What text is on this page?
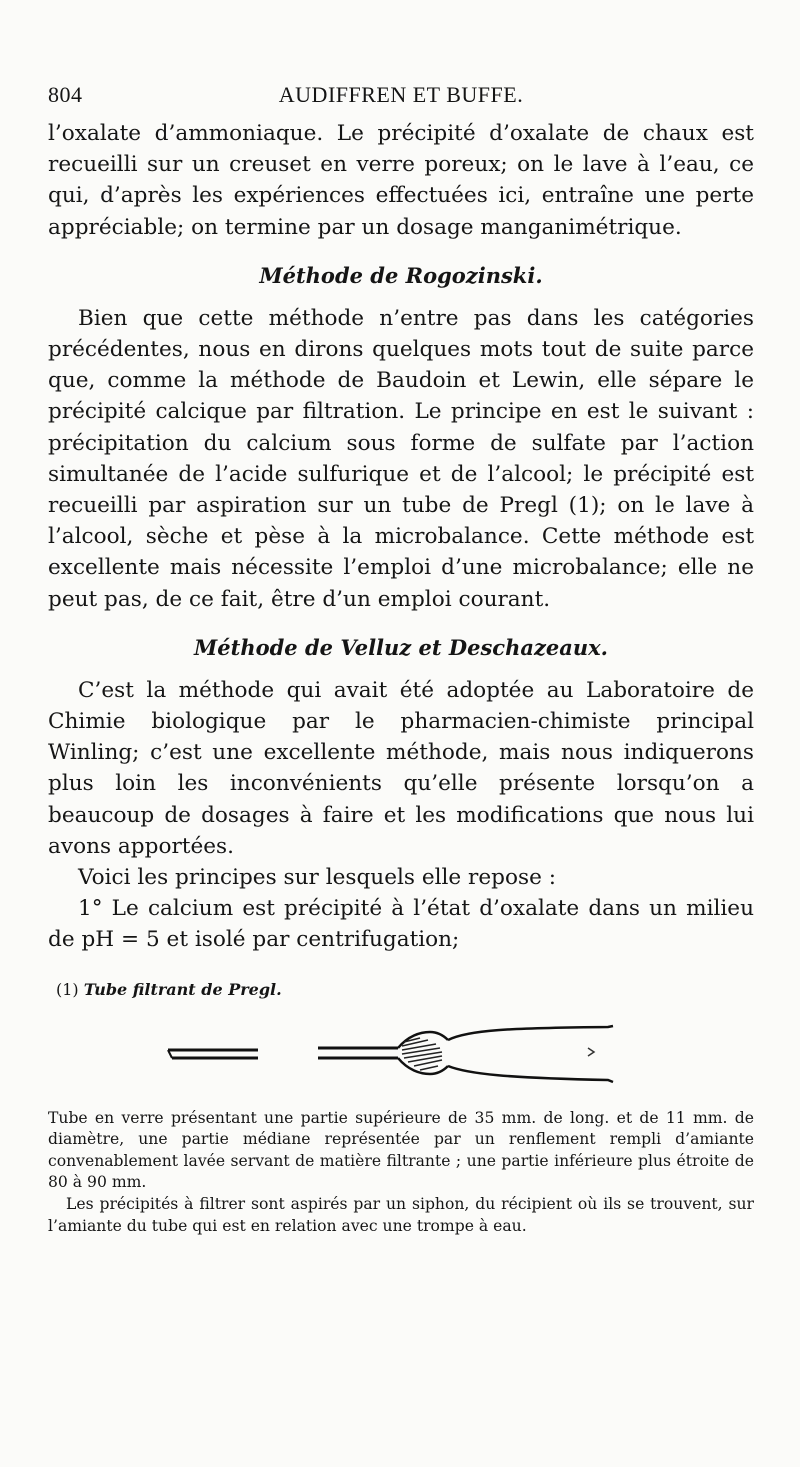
804	AUDIFFREN ET BUFFE.

l’oxalate d’ammoniaque. Le précipité d’oxalate de chaux est recueilli sur un creuset en verre poreux; on le lave à l’eau, ce qui, d’après les expériences effectuées ici, entraîne une perte appréciable; on termine par un dosage manganimétrique.

Méthode de Rogozinski.

Bien que cette méthode n’entre pas dans les catégories précédentes, nous en dirons quelques mots tout de suite parce que, comme la méthode de Baudoin et Lewin, elle sépare le précipité calcique par filtration. Le principe en est le suivant : précipitation du calcium sous forme de sulfate par l’action simultanée de l’acide sulfurique et de l’alcool; le précipité est recueilli par aspiration sur un tube de Pregl (1); on le lave à l’alcool, sèche et pèse à la microbalance. Cette méthode est excellente mais nécessite l’emploi d’une microbalance; elle ne peut pas, de ce fait, être d’un emploi courant.

Méthode de Velluz et Deschazeaux.

C’est la méthode qui avait été adoptée au Laboratoire de Chimie biologique par le pharmacien-chimiste principal Winling; c’est une excellente méthode, mais nous indiquerons plus loin les inconvénients qu’elle présente lorsqu’on a beaucoup de dosages à faire et les modifications que nous lui avons apportées.

Voici les principes sur lesquels elle repose :

1° Le calcium est précipité à l’état d’oxalate dans un milieu de pH = 5 et isolé par centrifugation;

(1) Tube filtrant de Pregl.

Tube en verre présentant une partie supérieure de 35 mm. de long. et de 11 mm. de diamètre, une partie médiane représentée par un renflement rempli d’amiante convenablement lavée servant de matière filtrante ; une partie inférieure plus étroite de 80 à 90 mm.

Les précipités à filtrer sont aspirés par un siphon, du récipient où ils se trouvent, sur l’amiante du tube qui est en relation avec une trompe à eau.
